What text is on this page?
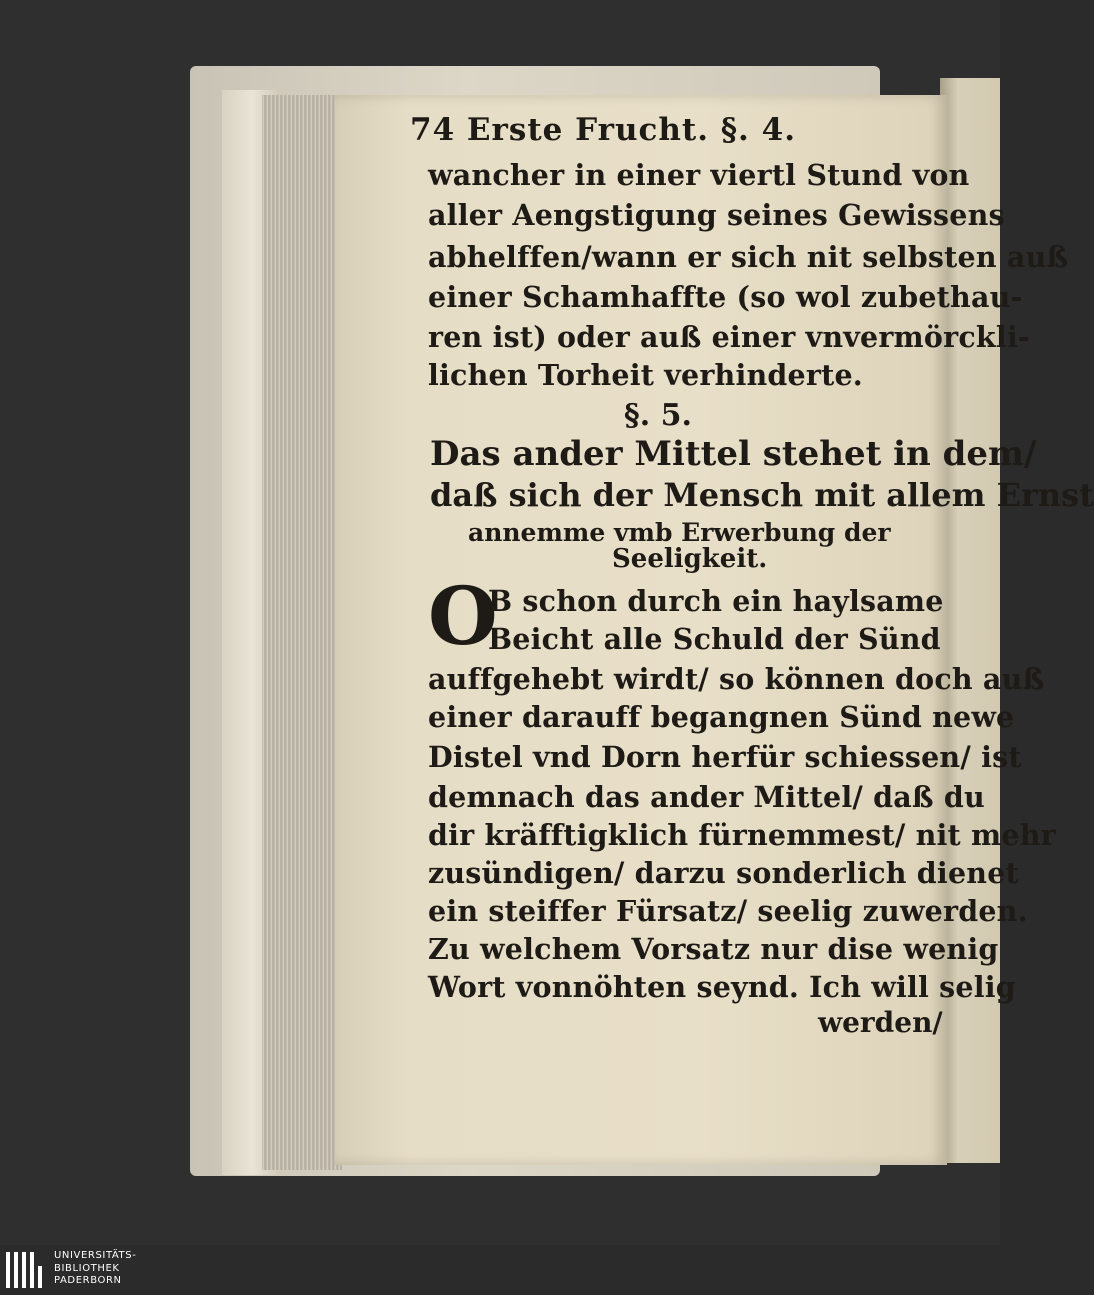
74 Erste Frucht. §. 4.
wancher in einer viertl Stund von
aller Aengstigung seines Gewissens
abhelffen/wann er sich nit selbsten auß
einer Schamhaffte (so wol zubethau-
ren ist) oder auß einer vnvermörckli-
lichen Torheit verhinderte.
§. 5.
Das ander Mittel stehet in dem/
daß sich der Mensch mit allem Ernst
annemme vmb Erwerbung der
Seeligkeit.
O
B schon durch ein haylsame
Beicht alle Schuld der Sünd
auffgehebt wirdt/ so können doch auß
einer darauff begangnen Sünd newe
Distel vnd Dorn herfür schiessen/ ist
demnach das ander Mittel/ daß du
dir kräfftigklich fürnemmest/ nit mehr
zusündigen/ darzu sonderlich dienet
ein steiffer Fürsatz/ seelig zuwerden.
Zu welchem Vorsatz nur dise wenig
Wort vonnöhten seynd. Ich will selig
werden/
UNIVERSITÄTS-
BIBLIOTHEK
PADERBORN
